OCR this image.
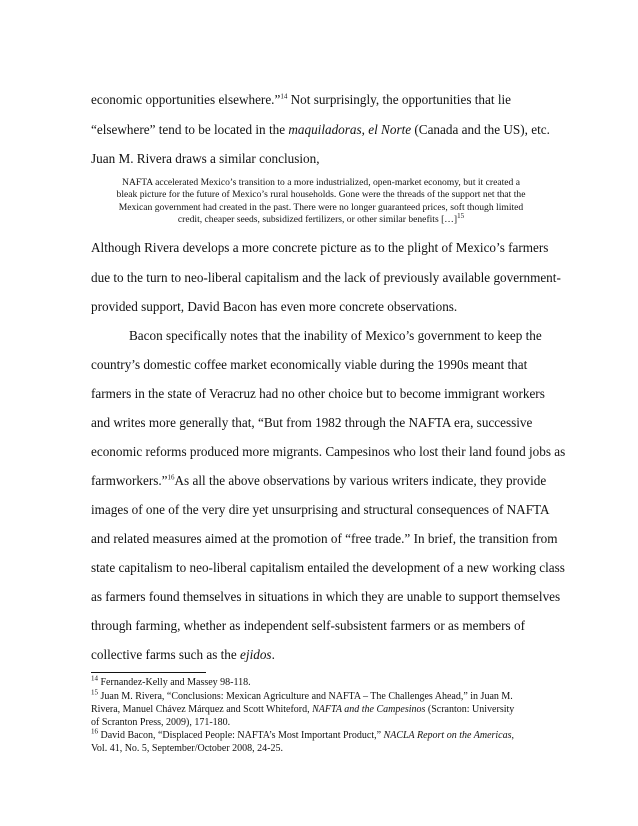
economic opportunities elsewhere.”$^{14}$ Not surprisingly, the opportunities that lie
“elsewhere” tend to be located in the maquiladoras, el Norte (Canada and the US), etc.
Juan M. Rivera draws a similar conclusion,
NAFTA accelerated Mexico’s transition to a more industrialized, open-market economy, but it created a
bleak picture for the future of Mexico’s rural households. Gone were the threads of the support net that the
Mexican government had created in the past. There were no longer guaranteed prices, soft though limited
credit, cheaper seeds, subsidized fertilizers, or other similar benefits […]$^{15}$
Although Rivera develops a more concrete picture as to the plight of Mexico’s farmers
due to the turn to neo-liberal capitalism and the lack of previously available government-
provided support, David Bacon has even more concrete observations.
Bacon specifically notes that the inability of Mexico’s government to keep the
country’s domestic coffee market economically viable during the 1990s meant that
farmers in the state of Veracruz had no other choice but to become immigrant workers
and writes more generally that, “But from 1982 through the NAFTA era, successive
economic reforms produced more migrants. Campesinos who lost their land found jobs as
farmworkers.”$^{16}$As all the above observations by various writers indicate, they provide
images of one of the very dire yet unsurprising and structural consequences of NAFTA
and related measures aimed at the promotion of “free trade.” In brief, the transition from
state capitalism to neo-liberal capitalism entailed the development of a new working class
as farmers found themselves in situations in which they are unable to support themselves
through farming, whether as independent self-subsistent farmers or as members of
collective farms such as the ejidos.
$^{14}$ Fernandez-Kelly and Massey 98-118.
$^{15}$ Juan M. Rivera, “Conclusions: Mexican Agriculture and NAFTA – The Challenges Ahead,” in Juan M.
Rivera, Manuel Chávez Márquez and Scott Whiteford, NAFTA and the Campesinos (Scranton: University
of Scranton Press, 2009), 171-180.
$^{16}$ David Bacon, “Displaced People: NAFTA’s Most Important Product,” NACLA Report on the Americas,
Vol. 41, No. 5, September/October 2008, 24-25.
